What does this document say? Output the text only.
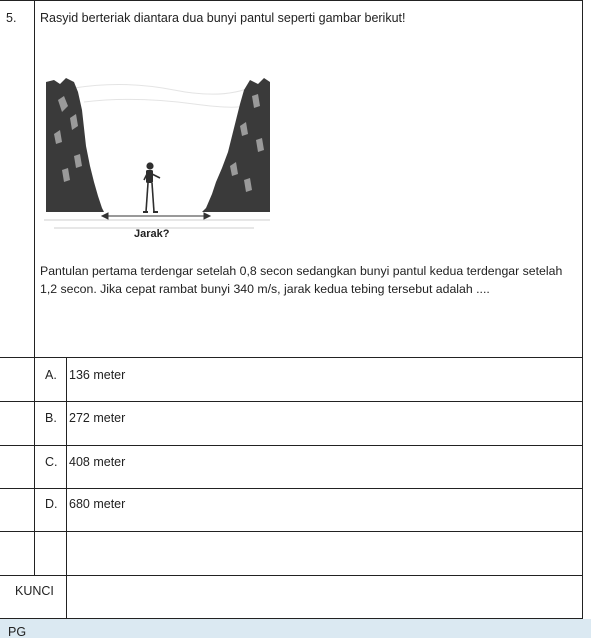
5. Rasyid berteriak diantara dua bunyi pantul seperti gambar berikut!
Jarak?
Pantulan pertama terdengar setelah 0,8 secon sedangkan bunyi pantul kedua terdengar setelah 1,2 secon. Jika cepat rambat bunyi 340 m/s, jarak kedua tebing tersebut adalah ....
A. 136 meter
B. 272 meter
C. 408 meter
D. 680 meter
KUNCI
PG
